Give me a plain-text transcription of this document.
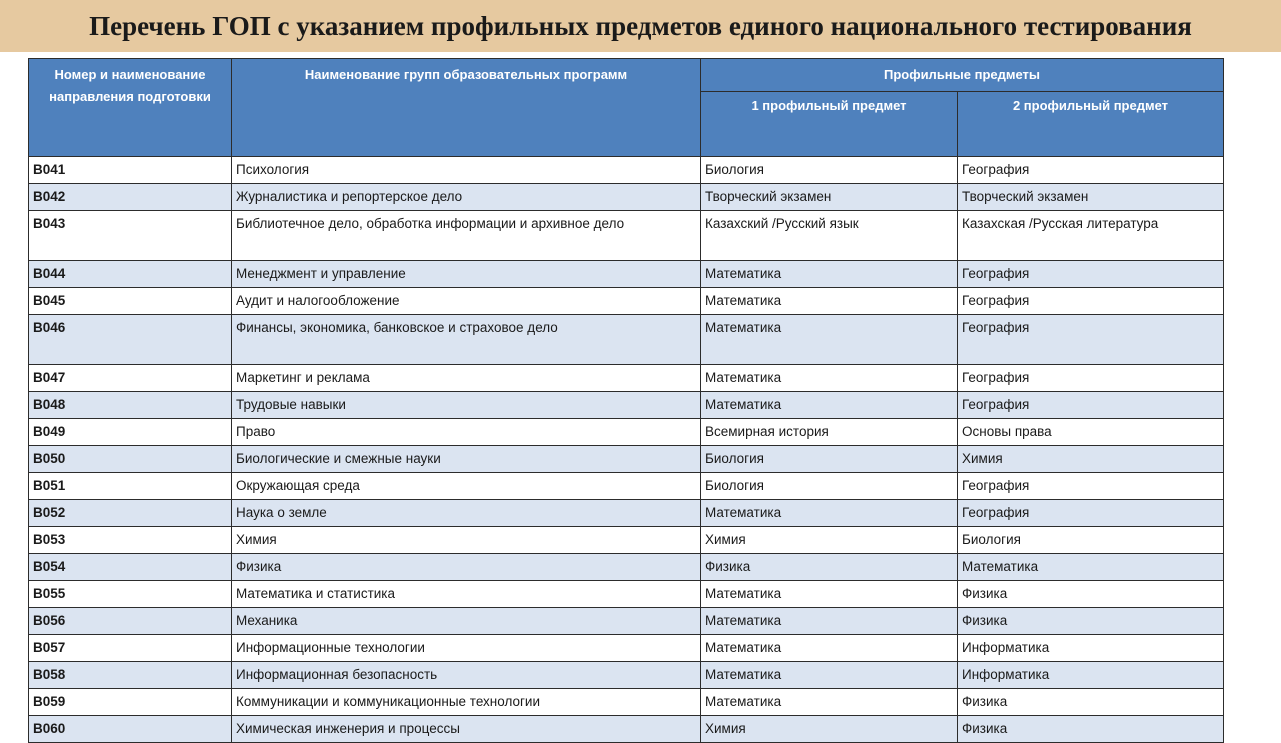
Перечень ГОП с указанием профильных предметов единого национального тестирования
Номер и наименование направления подготовки	Наименование групп образовательных программ	Профильные предметы	
		1 профильный предмет	2 профильный предмет
B041	Психология	Биология	География
B042	Журналистика и репортерское дело	Творческий экзамен	Творческий экзамен
B043	Библиотечное дело, обработка информации и архивное дело	Казахский /Русский язык	Казахская /Русская литература
B044	Менеджмент и управление	Математика	География
B045	Аудит и налогообложение	Математика	География
B046	Финансы, экономика, банковское и страховое дело	Математика	География
B047	Маркетинг и реклама	Математика	География
B048	Трудовые навыки	Математика	География
B049	Право	Всемирная история	Основы права
B050	Биологические и смежные науки	Биология	Химия
B051	Окружающая среда	Биология	География
B052	Наука о земле	Математика	География
B053	Химия	Химия	Биология
B054	Физика	Физика	Математика
B055	Математика и статистика	Математика	Физика
B056	Механика	Математика	Физика
B057	Информационные технологии	Математика	Информатика
B058	Информационная безопасность	Математика	Информатика
B059	Коммуникации и коммуникационные технологии	Математика	Физика
B060	Химическая инженерия и процессы	Химия	Физика
